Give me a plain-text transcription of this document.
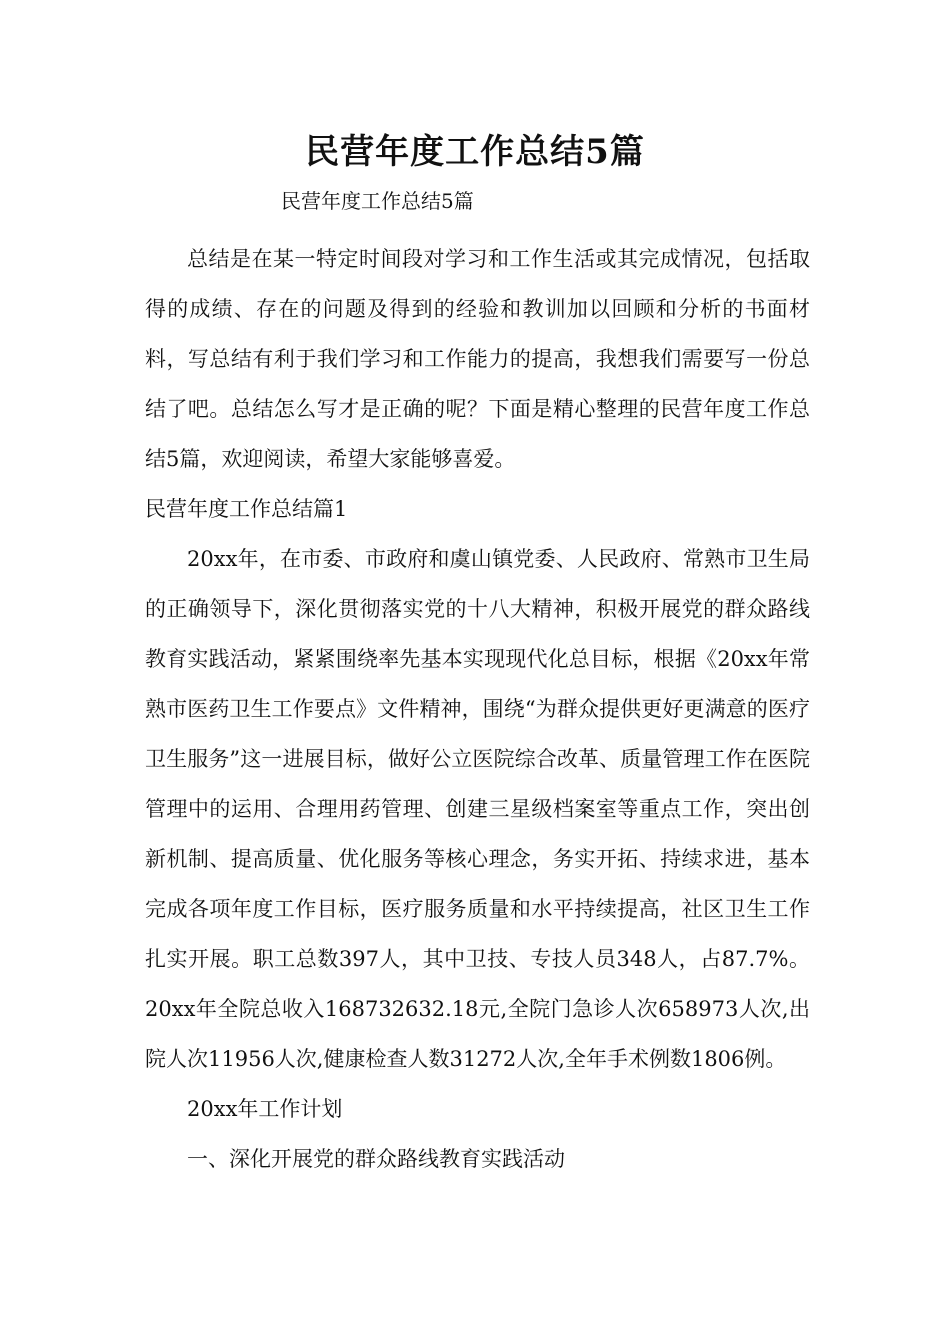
民营年度工作总结5篇
民营年度工作总结5篇

总结是在某一特定时间段对学习和工作生活或其完成情况，包括取得的成绩、存在的问题及得到的经验和教训加以回顾和分析的书面材料，写总结有利于我们学习和工作能力的提高，我想我们需要写一份总结了吧。总结怎么写才是正确的呢？下面是精心整理的民营年度工作总结5篇，欢迎阅读，希望大家能够喜爱。

民营年度工作总结篇1

20xx年，在市委、市政府和虞山镇党委、人民政府、常熟市卫生局的正确领导下，深化贯彻落实党的十八大精神，积极开展党的群众路线教育实践活动，紧紧围绕率先基本实现现代化总目标，根据《20xx年常熟市医药卫生工作要点》文件精神，围绕“为群众提供更好更满意的医疗卫生服务”这一进展目标，做好公立医院综合改革、质量管理工作在医院管理中的运用、合理用药管理、创建三星级档案室等重点工作，突出创新机制、提高质量、优化服务等核心理念，务实开拓、持续求进，基本完成各项年度工作目标，医疗服务质量和水平持续提高，社区卫生工作扎实开展。职工总数397人，其中卫技、专技人员348人，占87.7%。20xx年全院总收入168732632.18元,全院门急诊人次658973人次,出院人次11956人次,健康检查人数31272人次,全年手术例数1806例。

20xx年工作计划

一、深化开展党的群众路线教育实践活动
